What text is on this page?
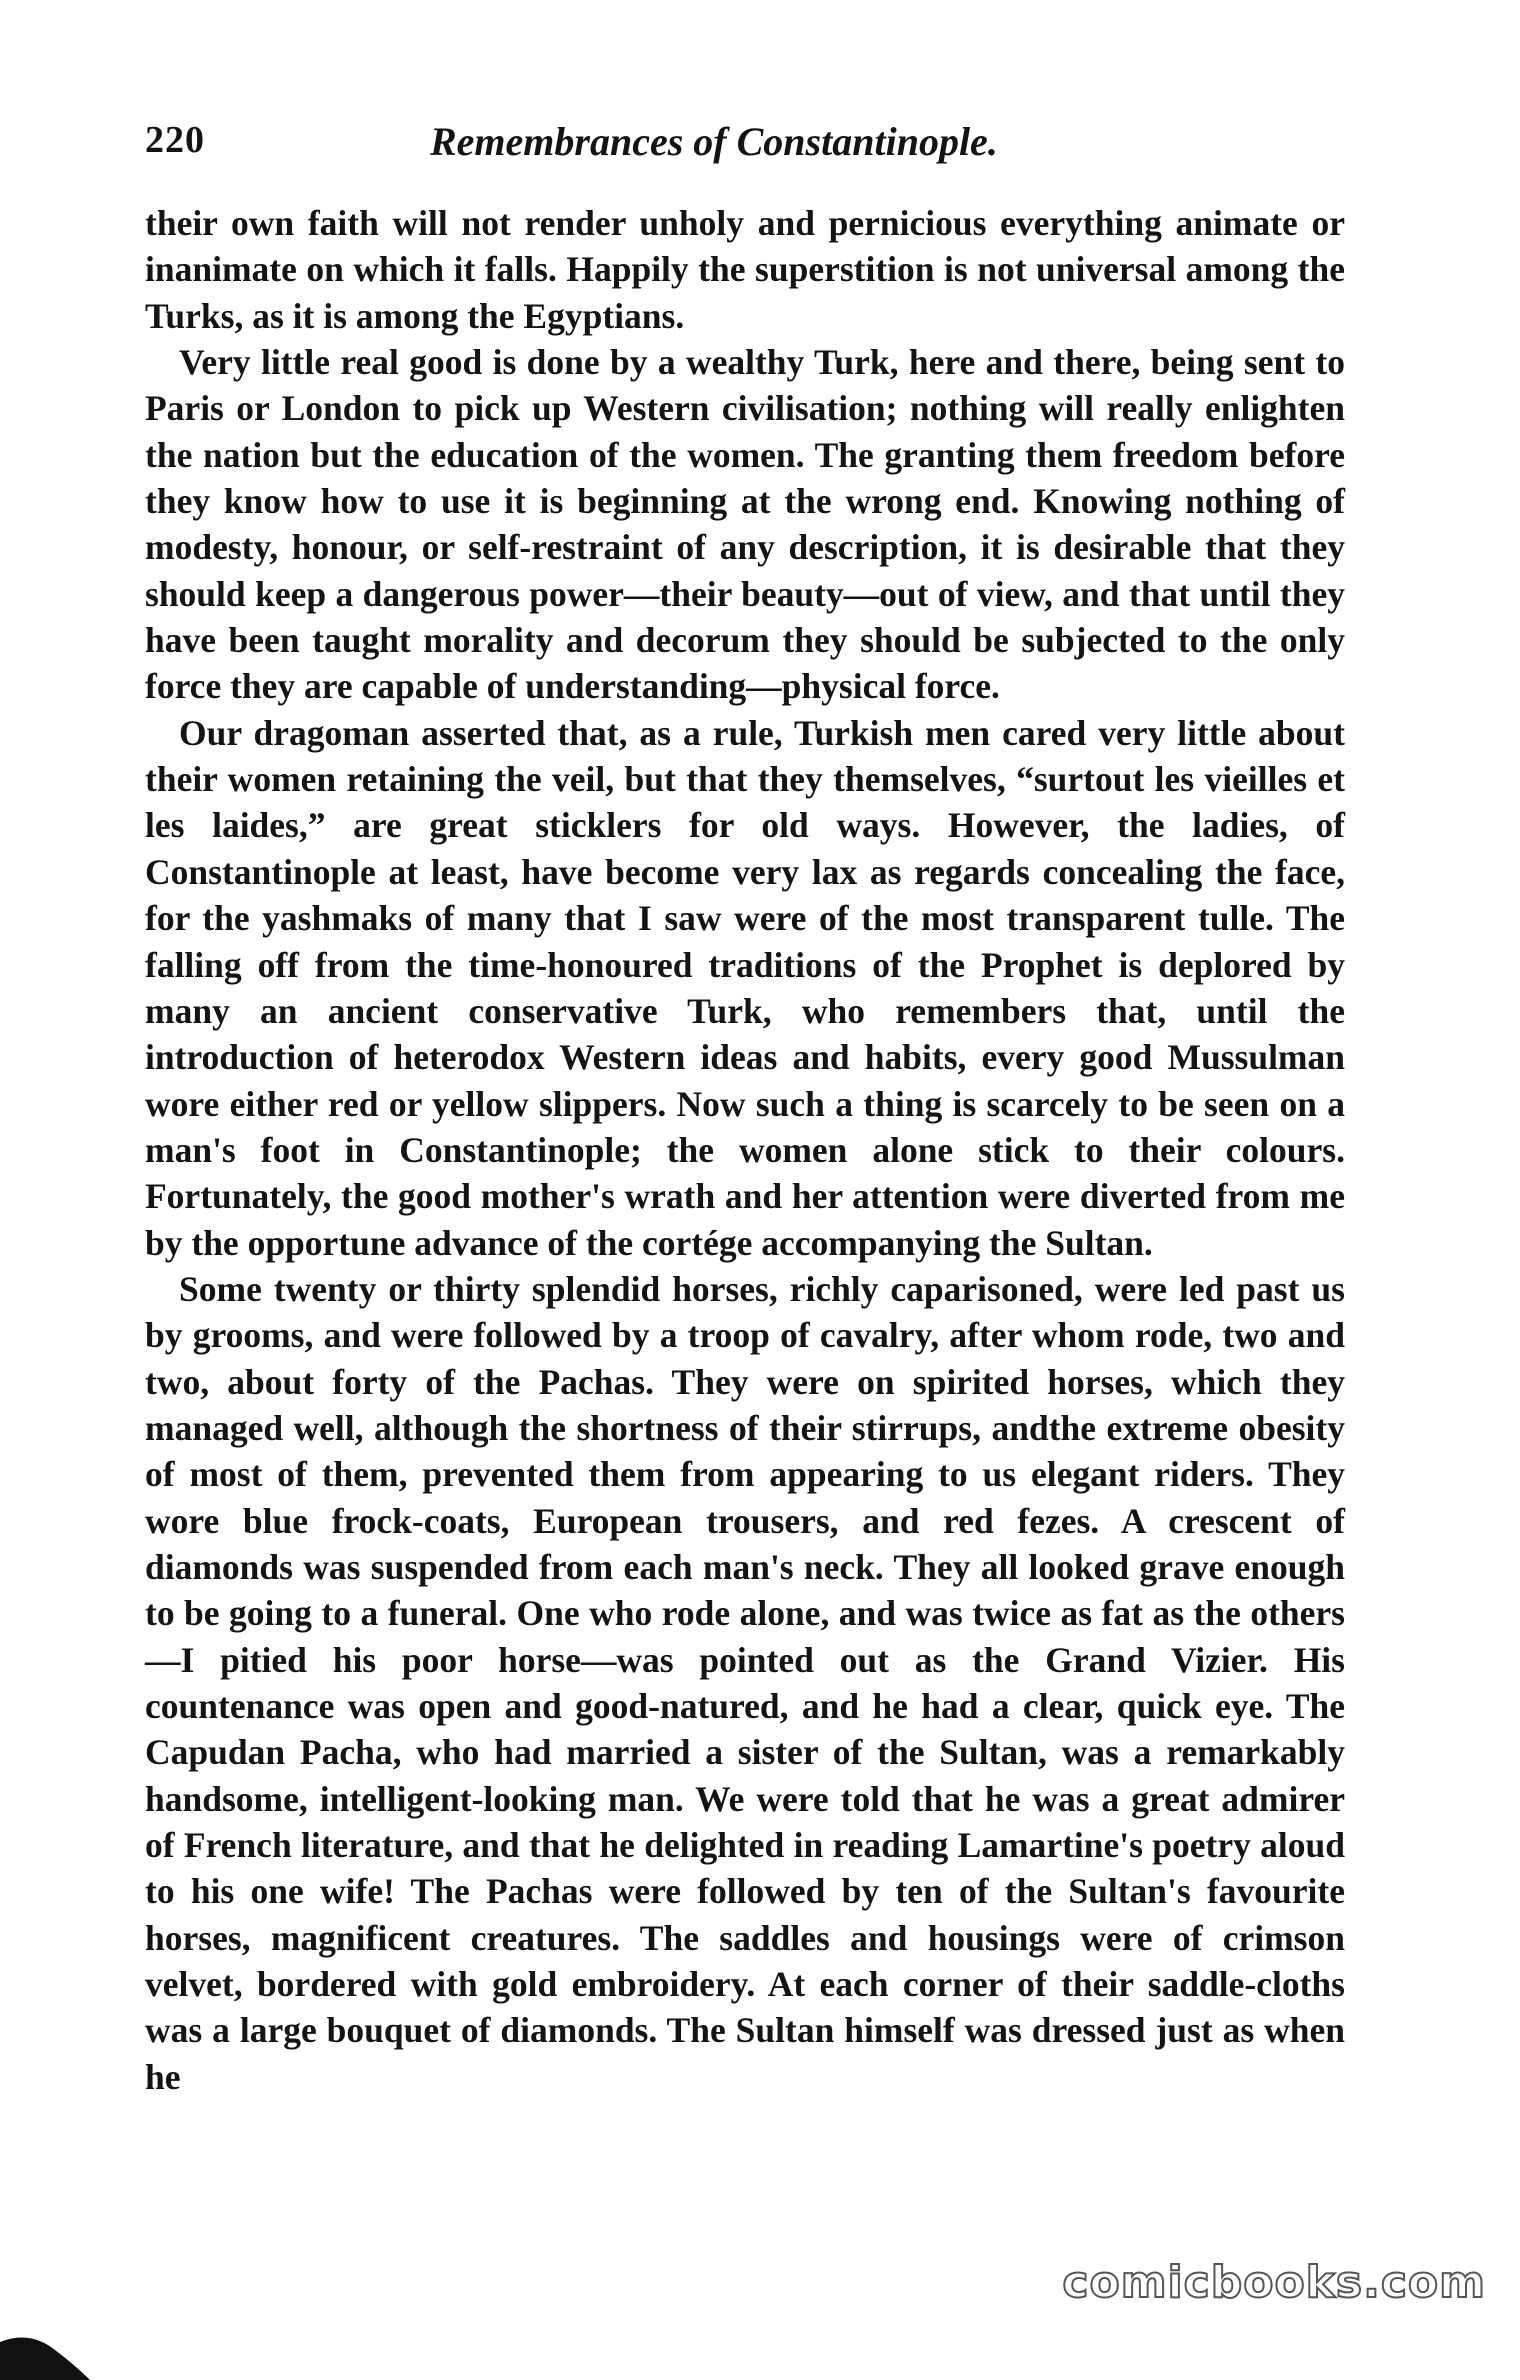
220	Remembrances of Constantinople.

their own faith will not render unholy and pernicious everything animate or inanimate on which it falls. Happily the superstition is not universal among the Turks, as it is among the Egyptians.

Very little real good is done by a wealthy Turk, here and there, being sent to Paris or London to pick up Western civilisation; nothing will really enlighten the nation but the education of the women. The granting them freedom before they know how to use it is beginning at the wrong end. Knowing nothing of modesty, honour, or self-restraint of any description, it is desirable that they should keep a dangerous power—their beauty—out of view, and that until they have been taught morality and decorum they should be subjected to the only force they are capable of understanding—physical force.

Our dragoman asserted that, as a rule, Turkish men cared very little about their women retaining the veil, but that they themselves, “surtout les vieilles et les laides,” are great sticklers for old ways. However, the ladies, of Constantinople at least, have become very lax as regards concealing the face, for the yashmaks of many that I saw were of the most transparent tulle. The falling off from the time-honoured traditions of the Prophet is deplored by many an ancient conservative Turk, who remembers that, until the introduction of heterodox Western ideas and habits, every good Mussulman wore either red or yellow slippers. Now such a thing is scarcely to be seen on a man's foot in Constantinople; the women alone stick to their colours. Fortunately, the good mother's wrath and her attention were diverted from me by the opportune advance of the cortége accompanying the Sultan.

Some twenty or thirty splendid horses, richly caparisoned, were led past us by grooms, and were followed by a troop of cavalry, after whom rode, two and two, about forty of the Pachas. They were on spirited horses, which they managed well, although the shortness of their stirrups, andthe extreme obesity of most of them, prevented them from appearing to us elegant riders. They wore blue frock-coats, European trousers, and red fezes. A crescent of diamonds was suspended from each man's neck. They all looked grave enough to be going to a funeral. One who rode alone, and was twice as fat as the others—I pitied his poor horse—was pointed out as the Grand Vizier. His countenance was open and good-natured, and he had a clear, quick eye. The Capudan Pacha, who had married a sister of the Sultan, was a remarkably handsome, intelligent-looking man. We were told that he was a great admirer of French literature, and that he delighted in reading Lamartine's poetry aloud to his one wife! The Pachas were followed by ten of the Sultan's favourite horses, magnificent creatures. The saddles and housings were of crimson velvet, bordered with gold embroidery. At each corner of their saddle-cloths was a large bouquet of diamonds. The Sultan himself was dressed just as when he

comicbooks.com
